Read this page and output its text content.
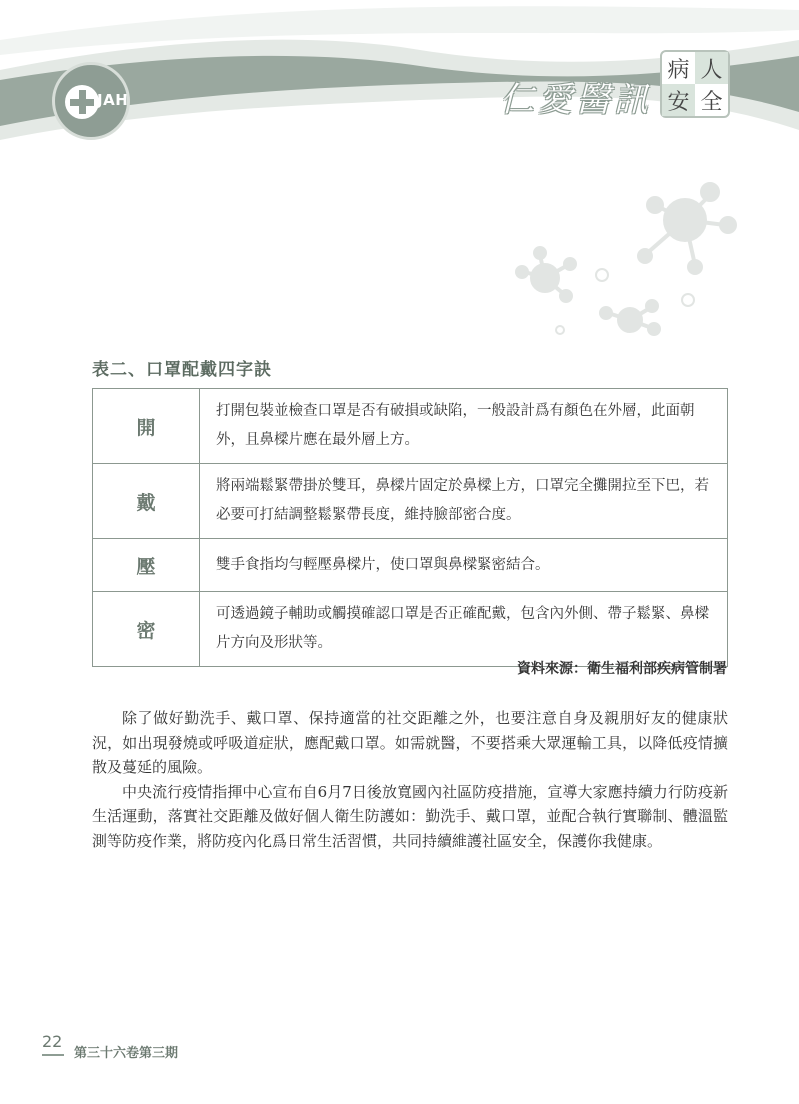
JAH	仁愛醫訊
病 人
安 全
表二、口罩配戴四字訣
開	打開包裝並檢查口罩是否有破損或缺陷，一般設計爲有顏色在外層，此面朝外，且鼻樑片應在最外層上方。
戴	將兩端鬆緊帶掛於雙耳，鼻樑片固定於鼻樑上方，口罩完全攤開拉至下巴，若必要可打結調整鬆緊帶長度，維持臉部密合度。
壓	雙手食指均勻輕壓鼻樑片，使口罩與鼻樑緊密結合。
密	可透過鏡子輔助或觸摸確認口罩是否正確配戴，包含內外側、帶子鬆緊、鼻樑片方向及形狀等。
資料來源：衛生福利部疾病管制署

除了做好勤洗手、戴口罩、保持適當的社交距離之外，也要注意自身及親朋好友的健康狀況，如出現發燒或呼吸道症狀，應配戴口罩。如需就醫，不要搭乘大眾運輸工具，以降低疫情擴散及蔓延的風險。

中央流行疫情指揮中心宣布自6月7日後放寬國內社區防疫措施，宣導大家應持續力行防疫新生活運動，落實社交距離及做好個人衛生防護如：勤洗手、戴口罩，並配合執行實聯制、體溫監測等防疫作業，將防疫內化爲日常生活習慣，共同持續維護社區安全，保護你我健康。

22
第三十六卷第三期
